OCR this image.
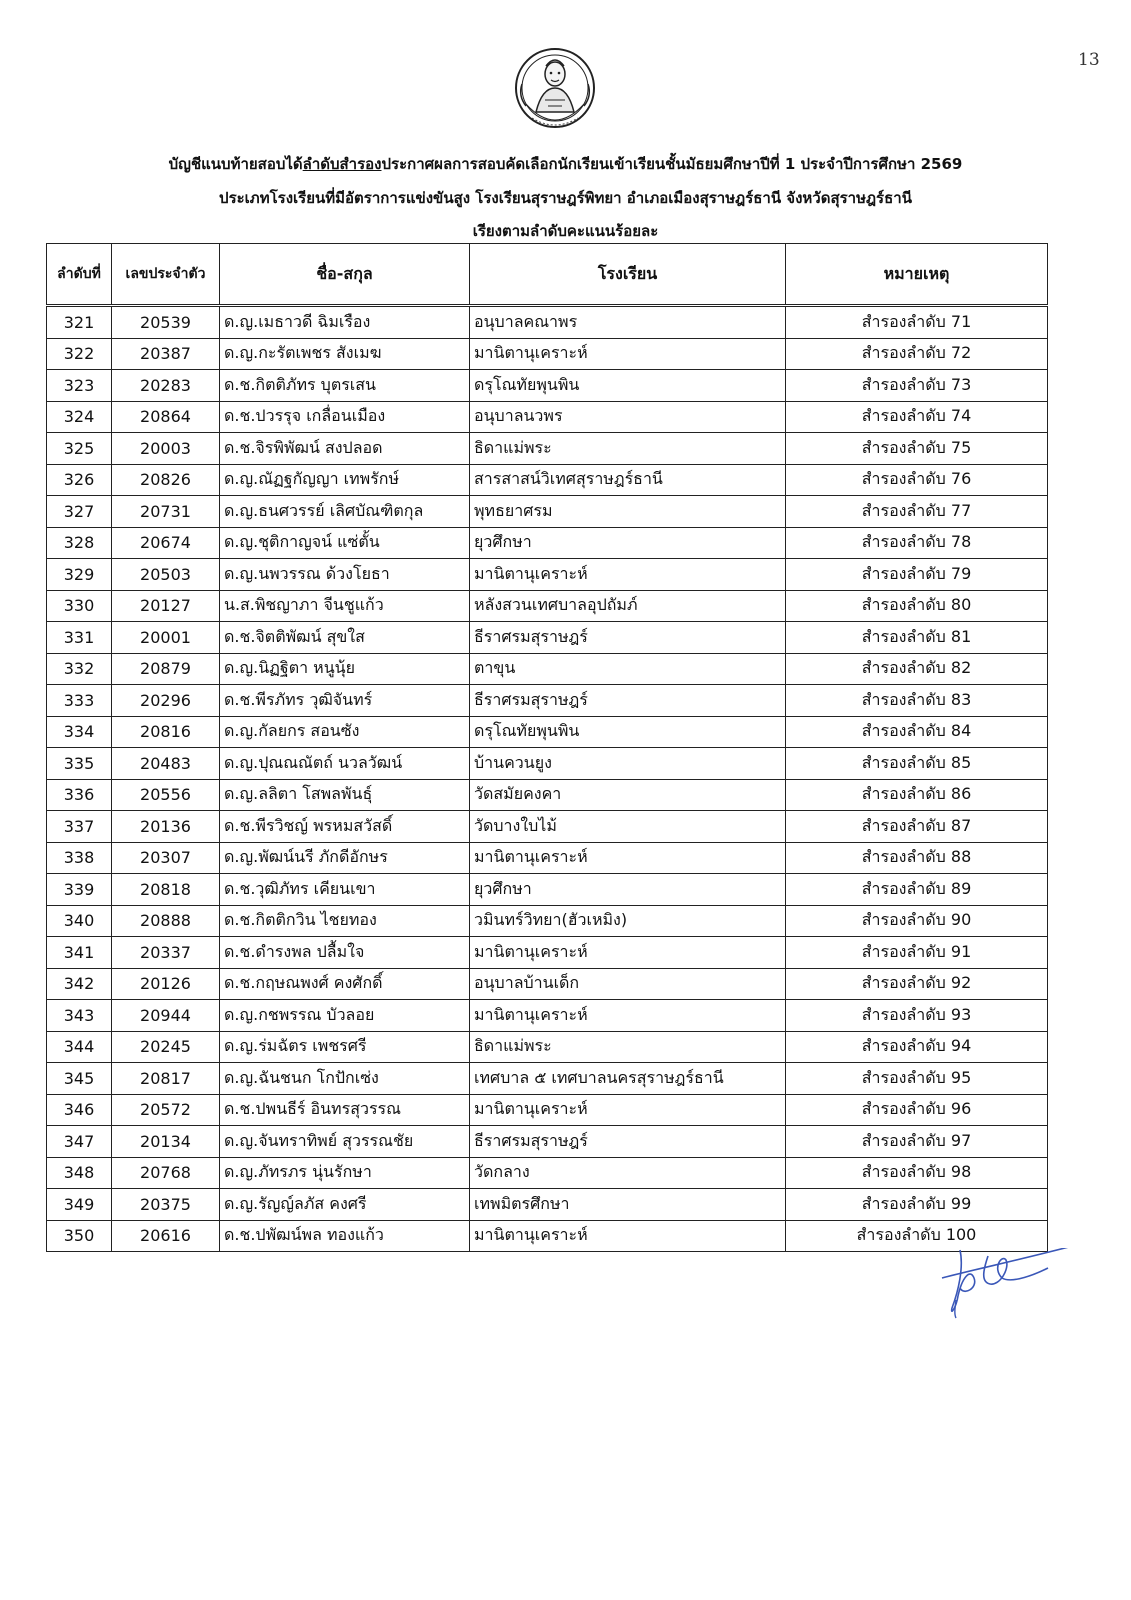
13
บัญชีแนบท้ายสอบได้ลำดับสำรองประกาศผลการสอบคัดเลือกนักเรียนเข้าเรียนชั้นมัธยมศึกษาปีที่ 1 ประจำปีการศึกษา 2569
ประเภทโรงเรียนที่มีอัตราการแข่งขันสูง โรงเรียนสุราษฎร์พิทยา อำเภอเมืองสุราษฎร์ธานี จังหวัดสุราษฎร์ธานี
เรียงตามลำดับคะแนนร้อยละ
ลำดับที่	เลขประจำตัว	ชื่อ-สกุล	โรงเรียน	หมายเหตุ
321	20539	ด.ญ.เมธาวดี ฉิมเรือง	อนุบาลคณาพร	สำรองลำดับ 71
322	20387	ด.ญ.กะรัตเพชร สังเมฆ	มานิตานุเคราะห์	สำรองลำดับ 72
323	20283	ด.ช.กิตติภัทร บุตรเสน	ดรุโณทัยพุนพิน	สำรองลำดับ 73
324	20864	ด.ช.ปวรรุจ เกลื่อนเมือง	อนุบาลนวพร	สำรองลำดับ 74
325	20003	ด.ช.จิรพิพัฒน์ สงปลอด	ธิดาแม่พระ	สำรองลำดับ 75
326	20826	ด.ญ.ณัฏฐกัญญา เทพรักษ์	สารสาสน์วิเทศสุราษฎร์ธานี	สำรองลำดับ 76
327	20731	ด.ญ.ธนศวรรย์ เลิศบัณฑิตกุล	พุทธยาศรม	สำรองลำดับ 77
328	20674	ด.ญ.ชุติกาญจน์ แซ่ตั้น	ยุวศึกษา	สำรองลำดับ 78
329	20503	ด.ญ.นพวรรณ ด้วงโยธา	มานิตานุเคราะห์	สำรองลำดับ 79
330	20127	น.ส.พิชญาภา จีนชูแก้ว	หลังสวนเทศบาลอุปถัมภ์	สำรองลำดับ 80
331	20001	ด.ช.จิตติพัฒน์ สุขใส	ธีราศรมสุราษฎร์	สำรองลำดับ 81
332	20879	ด.ญ.นิฏฐิตา หนูนุ้ย	ตาขุน	สำรองลำดับ 82
333	20296	ด.ช.พีรภัทร วุฒิจันทร์	ธีราศรมสุราษฎร์	สำรองลำดับ 83
334	20816	ด.ญ.กัลยกร สอนซัง	ดรุโณทัยพุนพิน	สำรองลำดับ 84
335	20483	ด.ญ.ปุณณณัตถ์ นวลวัฒน์	บ้านควนยูง	สำรองลำดับ 85
336	20556	ด.ญ.ลลิตา โสพลพันธุ์	วัดสมัยคงคา	สำรองลำดับ 86
337	20136	ด.ช.พีรวิชญ์ พรหมสวัสดิ์	วัดบางใบไม้	สำรองลำดับ 87
338	20307	ด.ญ.พัฒน์นรี ภักดีอักษร	มานิตานุเคราะห์	สำรองลำดับ 88
339	20818	ด.ช.วุฒิภัทร เคียนเขา	ยุวศึกษา	สำรองลำดับ 89
340	20888	ด.ช.กิตติกวิน ไชยทอง	วมินทร์วิทยา(ฮัวเหมิง)	สำรองลำดับ 90
341	20337	ด.ช.ดำรงพล ปลื้มใจ	มานิตานุเคราะห์	สำรองลำดับ 91
342	20126	ด.ช.กฤษณพงศ์ คงศักดิ์	อนุบาลบ้านเด็ก	สำรองลำดับ 92
343	20944	ด.ญ.กชพรรณ บัวลอย	มานิตานุเคราะห์	สำรองลำดับ 93
344	20245	ด.ญ.ร่มฉัตร เพชรศรี	ธิดาแม่พระ	สำรองลำดับ 94
345	20817	ด.ญ.ฉันชนก โกปักเซ่ง	เทศบาล ๕ เทศบาลนครสุราษฎร์ธานี	สำรองลำดับ 95
346	20572	ด.ช.ปพนธีร์ อินทรสุวรรณ	มานิตานุเคราะห์	สำรองลำดับ 96
347	20134	ด.ญ.จันทราทิพย์ สุวรรณชัย	ธีราศรมสุราษฎร์	สำรองลำดับ 97
348	20768	ด.ญ.ภัทรภร นุ่นรักษา	วัดกลาง	สำรองลำดับ 98
349	20375	ด.ญ.รัญญ์ลภัส คงศรี	เทพมิตรศึกษา	สำรองลำดับ 99
350	20616	ด.ช.ปพัฒน์พล ทองแก้ว	มานิตานุเคราะห์	สำรองลำดับ 100
